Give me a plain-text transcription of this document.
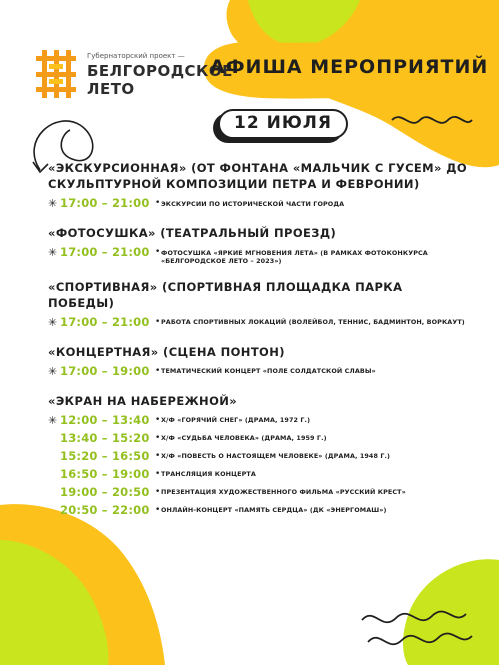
Губернаторский проект —
БЕЛГОРОДСКОЕ
ЛЕТО
АФИША МЕРОПРИЯТИЙ
12 ИЮЛЯ
«ЭКСКУРСИОННАЯ» (ОТ ФОНТАНА «МАЛЬЧИК С ГУСЕМ» ДО СКУЛЬПТУРНОЙ КОМПОЗИЦИИ ПЕТРА И ФЕВРОНИИ)
✳ 17:00 – 21:00 • ЭКСКУРСИИ ПО ИСТОРИЧЕСКОЙ ЧАСТИ ГОРОДА
«ФОТОСУШКА» (ТЕАТРАЛЬНЫЙ ПРОЕЗД)
✳ 17:00 – 21:00 • ФОТОСУШКА «ЯРКИЕ МГНОВЕНИЯ ЛЕТА» (В РАМКАХ ФОТОКОНКУРСА «БЕЛГОРОДСКОЕ ЛЕТО – 2023»)
«СПОРТИВНАЯ» (СПОРТИВНАЯ ПЛОЩАДКА ПАРКА ПОБЕДЫ)
✳ 17:00 – 21:00 • РАБОТА СПОРТИВНЫХ ЛОКАЦИЙ (ВОЛЕЙБОЛ, ТЕННИС, БАДМИНТОН, ВОРКАУТ)
«КОНЦЕРТНАЯ» (СЦЕНА ПОНТОН)
✳ 17:00 – 19:00 • ТЕМАТИЧЕСКИЙ КОНЦЕРТ «ПОЛЕ СОЛДАТСКОЙ СЛАВЫ»
«ЭКРАН НА НАБЕРЕЖНОЙ»
✳ 12:00 – 13:40 • Х/Ф «ГОРЯЧИЙ СНЕГ» (ДРАМА, 1972 Г.)
13:40 – 15:20 • Х/Ф «СУДЬБА ЧЕЛОВЕКА» (ДРАМА, 1959 Г.)
15:20 – 16:50 • Х/Ф «ПОВЕСТЬ О НАСТОЯЩЕМ ЧЕЛОВЕКЕ» (ДРАМА, 1948 Г.)
16:50 – 19:00 • ТРАНСЛЯЦИЯ КОНЦЕРТА
19:00 – 20:50 • ПРЕЗЕНТАЦИЯ ХУДОЖЕСТВЕННОГО ФИЛЬМА «РУССКИЙ КРЕСТ»
20:50 – 22:00 • ОНЛАЙН-КОНЦЕРТ «ПАМЯТЬ СЕРДЦА» (ДК «ЭНЕРГОМАШ»)
